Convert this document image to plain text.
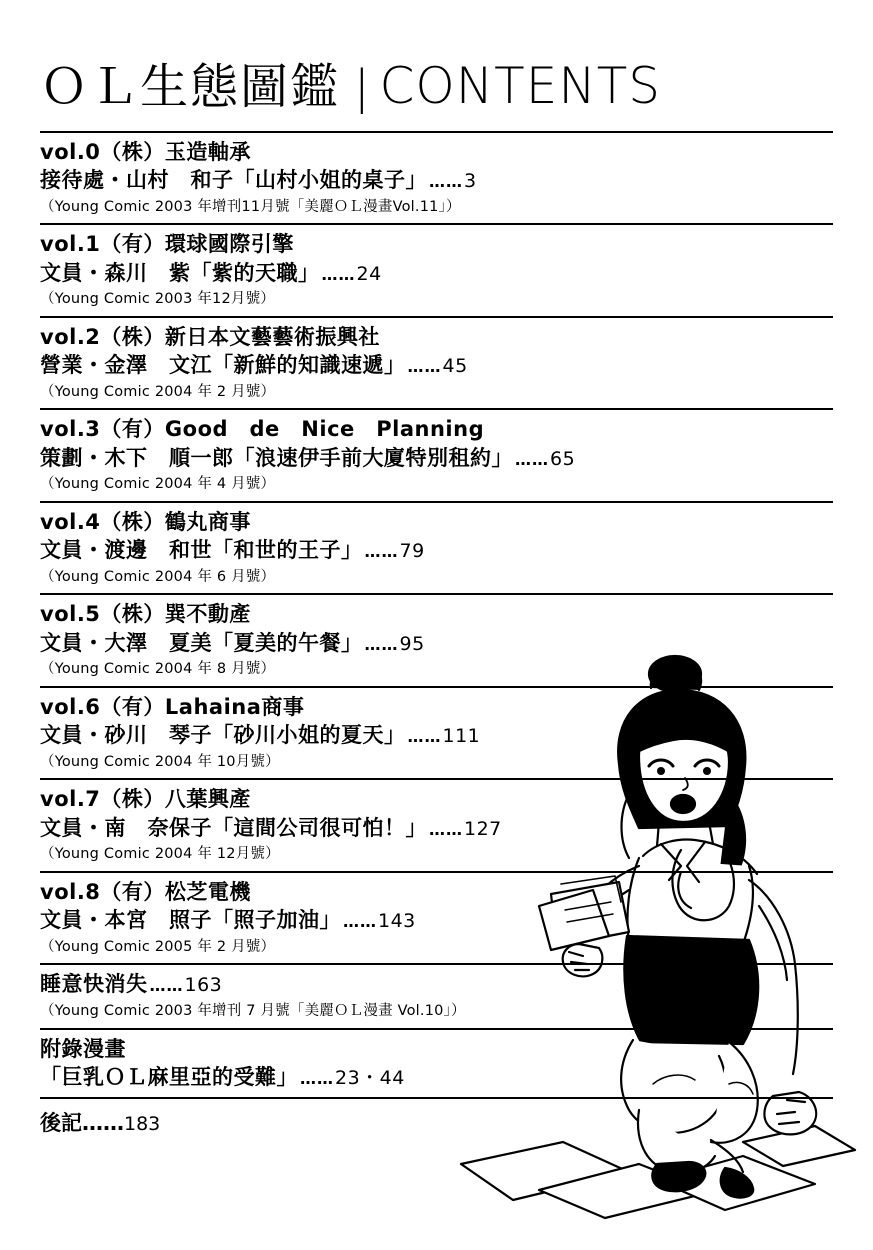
ＯＬ生態圖鑑 | CONTENTS
vol.0（株）玉造軸承
接待處・山村　和子「山村小姐的桌子」 ……3
（Young Comic 2003 年增刊11月號「美麗ＯＬ漫畫Vol.11」）
vol.1（有）環球國際引擎
文員・森川　紫「紫的天職」 ……24
（Young Comic 2003 年12月號）
vol.2（株）新日本文藝藝術振興社
營業・金澤　文江「新鮮的知識速遞」 ……45
（Young Comic 2004 年 2 月號）
vol.3（有）Good　de　Nice　Planning
策劃・木下　順一郎「浪速伊手前大廈特別租約」 ……65
（Young Comic 2004 年 4 月號）
vol.4（株）鶴丸商事
文員・渡邊　和世「和世的王子」 ……79
（Young Comic 2004 年 6 月號）
vol.5（株）巽不動產
文員・大澤　夏美「夏美的午餐」 ……95
（Young Comic 2004 年 8 月號）
vol.6（有）Lahaina商事
文員・砂川　琴子「砂川小姐的夏天」 ……111
（Young Comic 2004 年 10月號）
vol.7（株）八葉興產
文員・南　奈保子「這間公司很可怕！」 ……127
（Young Comic 2004 年 12月號）
vol.8（有）松芝電機
文員・本宮　照子「照子加油」 ……143
（Young Comic 2005 年 2 月號）
睡意快消失 ……163
（Young Comic 2003 年增刊 7 月號「美麗ＯＬ漫畫 Vol.10」）
附錄漫畫
「巨乳ＯＬ麻里亞的受難」 ……23・44
後記……183
